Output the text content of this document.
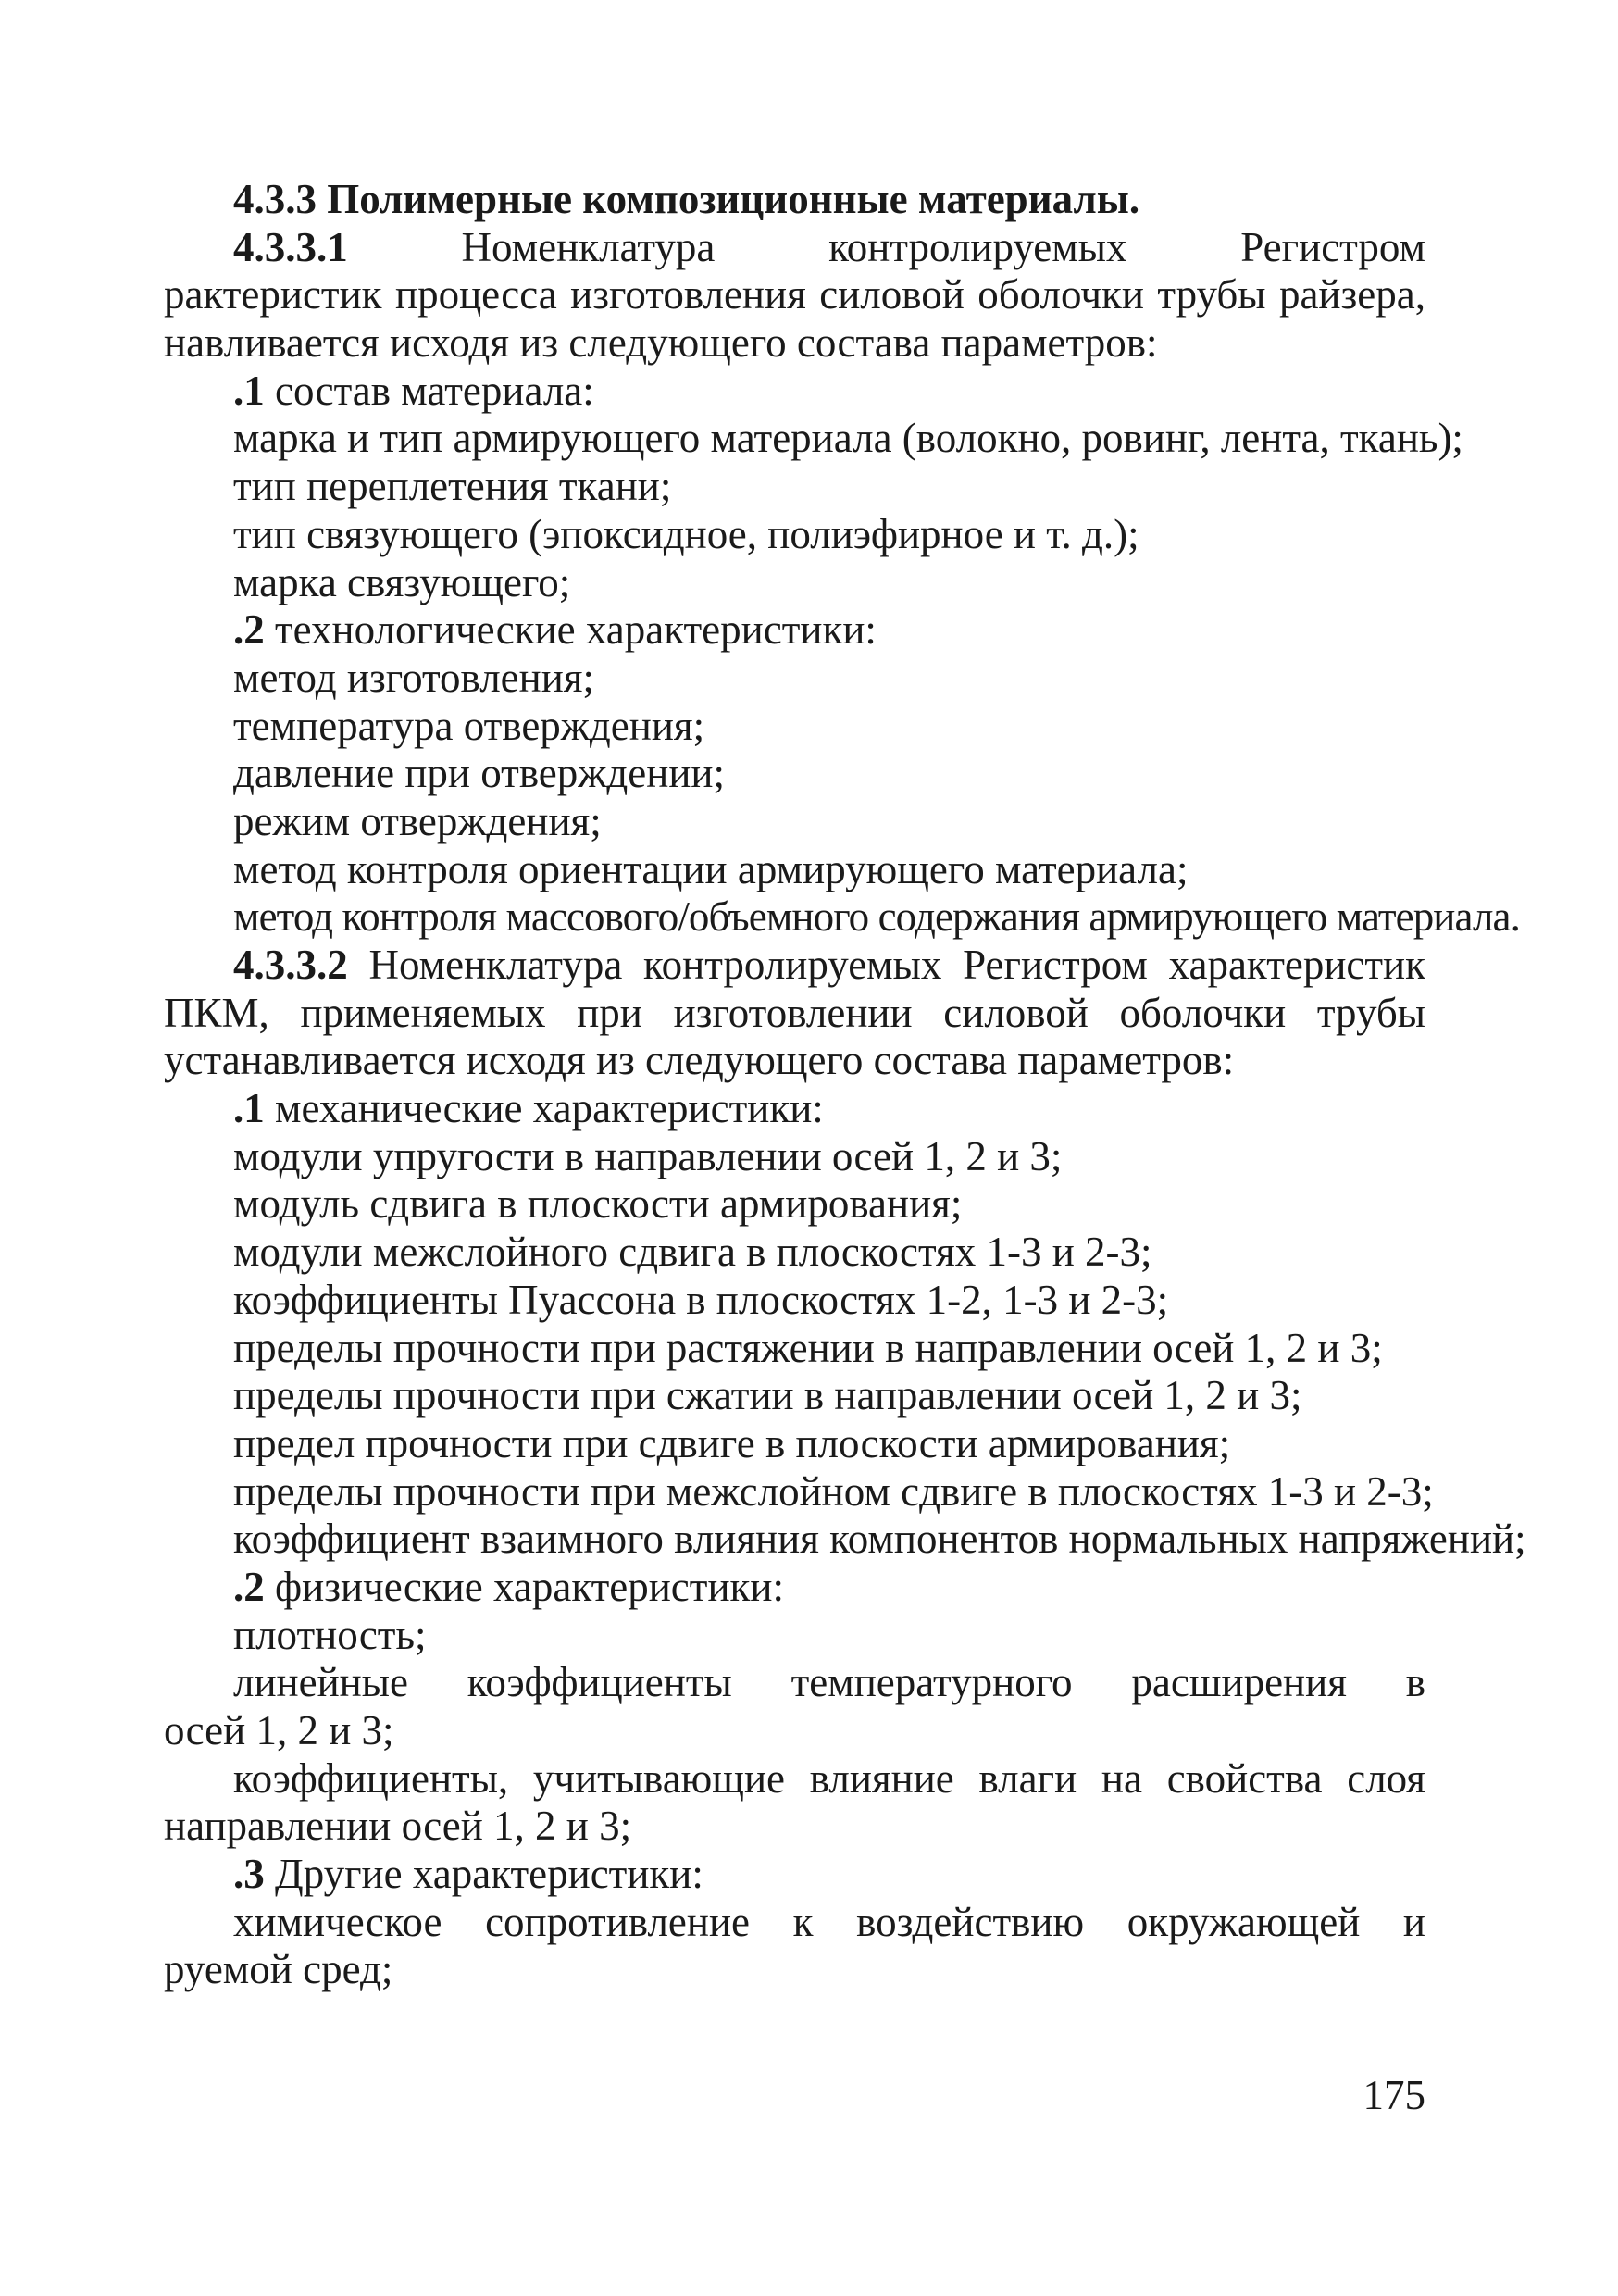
4.3.3 Полимерные композиционные материалы.
4.3.3.1	Номенклатура контролируемых Регистром
рактеристик процесса изготовления силовой оболочки трубы райзера,
навливается исходя из следующего состава параметров:
.1 состав материала:
марка и тип армирующего материала (волокно, ровинг, лента, ткань);
тип переплетения ткани;
тип связующего (эпоксидное, полиэфирное и т. д.);
марка связующего;
.2 технологические характеристики:
метод изготовления;
температура отверждения;
давление при отверждении;
режим отверждения;
метод контроля ориентации армирующего материала;
метод контроля массового/объемного содержания армирующего материала.
4.3.3.2 Номенклатура контролируемых Регистром характеристик
ПКМ, применяемых при изготовлении силовой оболочки трубы
устанавливается исходя из следующего состава параметров:
.1 механические характеристики:
модули упругости в направлении осей 1, 2 и 3;
модуль сдвига в плоскости армирования;
модули межслойного сдвига в плоскостях 1-3 и 2-3;
коэффициенты Пуассона в плоскостях 1-2, 1-3 и 2-3;
пределы прочности при растяжении в направлении осей 1, 2 и 3;
пределы прочности при сжатии в направлении осей 1, 2 и 3;
предел прочности при сдвиге в плоскости армирования;
пределы прочности при межслойном сдвиге в плоскостях 1-3 и 2-3;
коэффициент взаимного влияния компонентов нормальных напряжений;
.2 физические характеристики:
плотность;
линейные коэффициенты температурного расширения в
осей 1, 2 и 3;
коэффициенты, учитывающие влияние влаги на свойства слоя
направлении осей 1, 2 и 3;
.3 Другие характеристики:
химическое сопротивление к воздействию окружающей и
руемой сред;
175
